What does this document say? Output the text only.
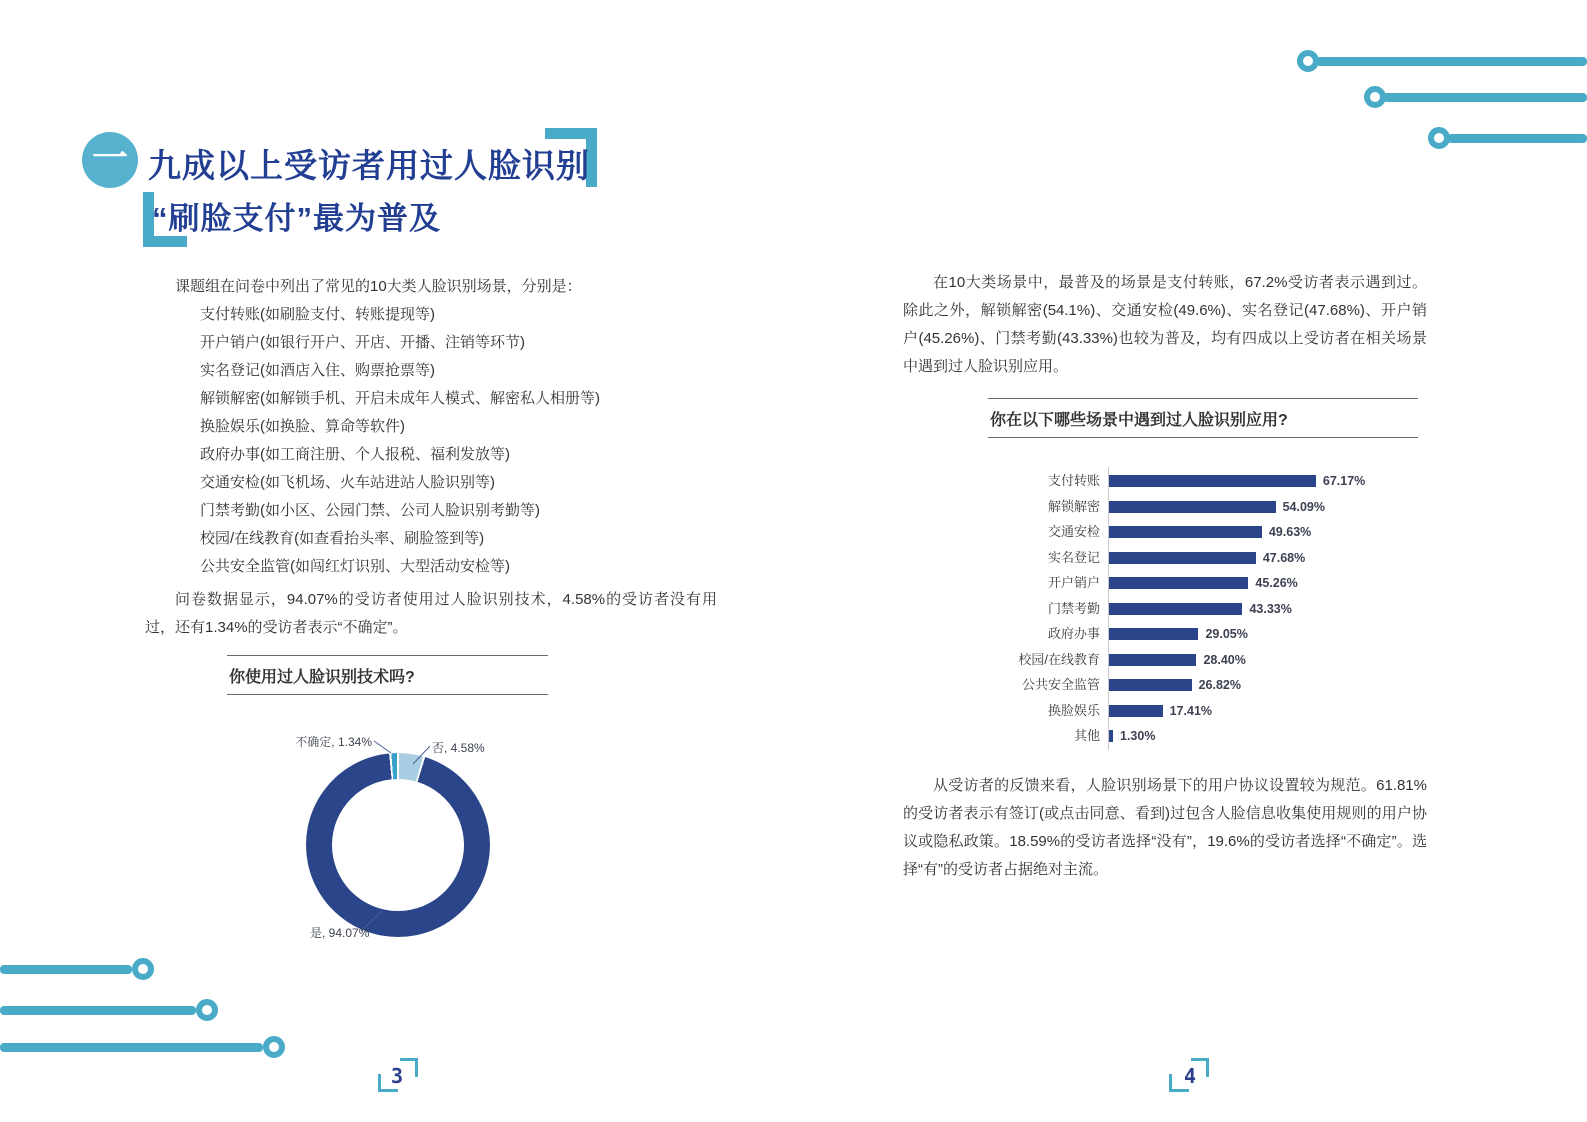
一 九成以上受访者用过人脸识别
“刷脸支付”最为普及
课题组在问卷中列出了常见的10大类人脸识别场景，分别是：
支付转账(如刷脸支付、转账提现等)
开户销户(如银行开户、开店、开播、注销等环节)
实名登记(如酒店入住、购票抢票等)
解锁解密(如解锁手机、开启未成年人模式、解密私人相册等)
换脸娱乐(如换脸、算命等软件)
政府办事(如工商注册、个人报税、福利发放等)
交通安检(如飞机场、火车站进站人脸识别等)
门禁考勤(如小区、公园门禁、公司人脸识别考勤等)
校园/在线教育(如查看抬头率、刷脸签到等)
公共安全监管(如闯红灯识别、大型活动安检等)
问卷数据显示，94.07%的受访者使用过人脸识别技术，4.58%的受访者没有用过，还有1.34%的受访者表示“不确定”。
你使用过人脸识别技术吗?
不确定, 1.34%	否, 4.58%
是, 94.07%
在10大类场景中，最普及的场景是支付转账，67.2%受访者表示遇到过。除此之外，解锁解密(54.1%)、交通安检(49.6%)、实名登记(47.68%)、开户销户(45.26%)、门禁考勤(43.33%)也较为普及，均有四成以上受访者在相关场景中遇到过人脸识别应用。
你在以下哪些场景中遇到过人脸识别应用?
支付转账	67.17%
解锁解密	54.09%
交通安检	49.63%
实名登记	47.68%
开户销户	45.26%
门禁考勤	43.33%
政府办事	29.05%
校园/在线教育	28.40%
公共安全监管	26.82%
换脸娱乐	17.41%
其他 1.30%
从受访者的反馈来看，人脸识别场景下的用户协议设置较为规范。61.81%的受访者表示有签订(或点击同意、看到)过包含人脸信息收集使用规则的用户协议或隐私政策。18.59%的受访者选择“没有”，19.6%的受访者选择“不确定”。选择“有”的受访者占据绝对主流。
3	4
